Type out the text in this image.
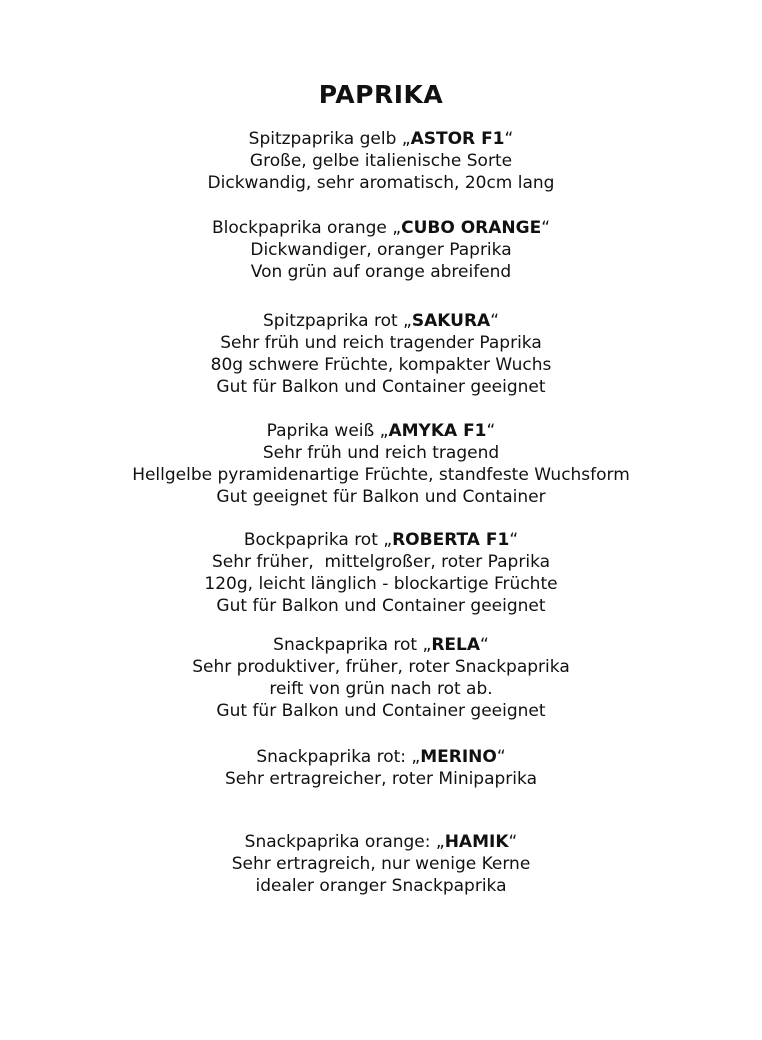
PAPRIKA
Spitzpaprika gelb „ASTOR F1“
Große, gelbe italienische Sorte
Dickwandig, sehr aromatisch, 20cm lang
Blockpaprika orange „CUBO ORANGE“
Dickwandiger, oranger Paprika
Von grün auf orange abreifend
Spitzpaprika rot „SAKURA“
Sehr früh und reich tragender Paprika
80g schwere Früchte, kompakter Wuchs
Gut für Balkon und Container geeignet
Paprika weiß „AMYKA F1“
Sehr früh und reich tragend
Hellgelbe pyramidenartige Früchte, standfeste Wuchsform
Gut geeignet für Balkon und Container
Bockpaprika rot „ROBERTA F1“
Sehr früher,  mittelgroßer, roter Paprika
120g, leicht länglich - blockartige Früchte
Gut für Balkon und Container geeignet
Snackpaprika rot „RELA“
Sehr produktiver, früher, roter Snackpaprika
reift von grün nach rot ab.
Gut für Balkon und Container geeignet
Snackpaprika rot: „MERINO“
Sehr ertragreicher, roter Minipaprika
Snackpaprika orange: „HAMIK“
Sehr ertragreich, nur wenige Kerne
idealer oranger Snackpaprika
